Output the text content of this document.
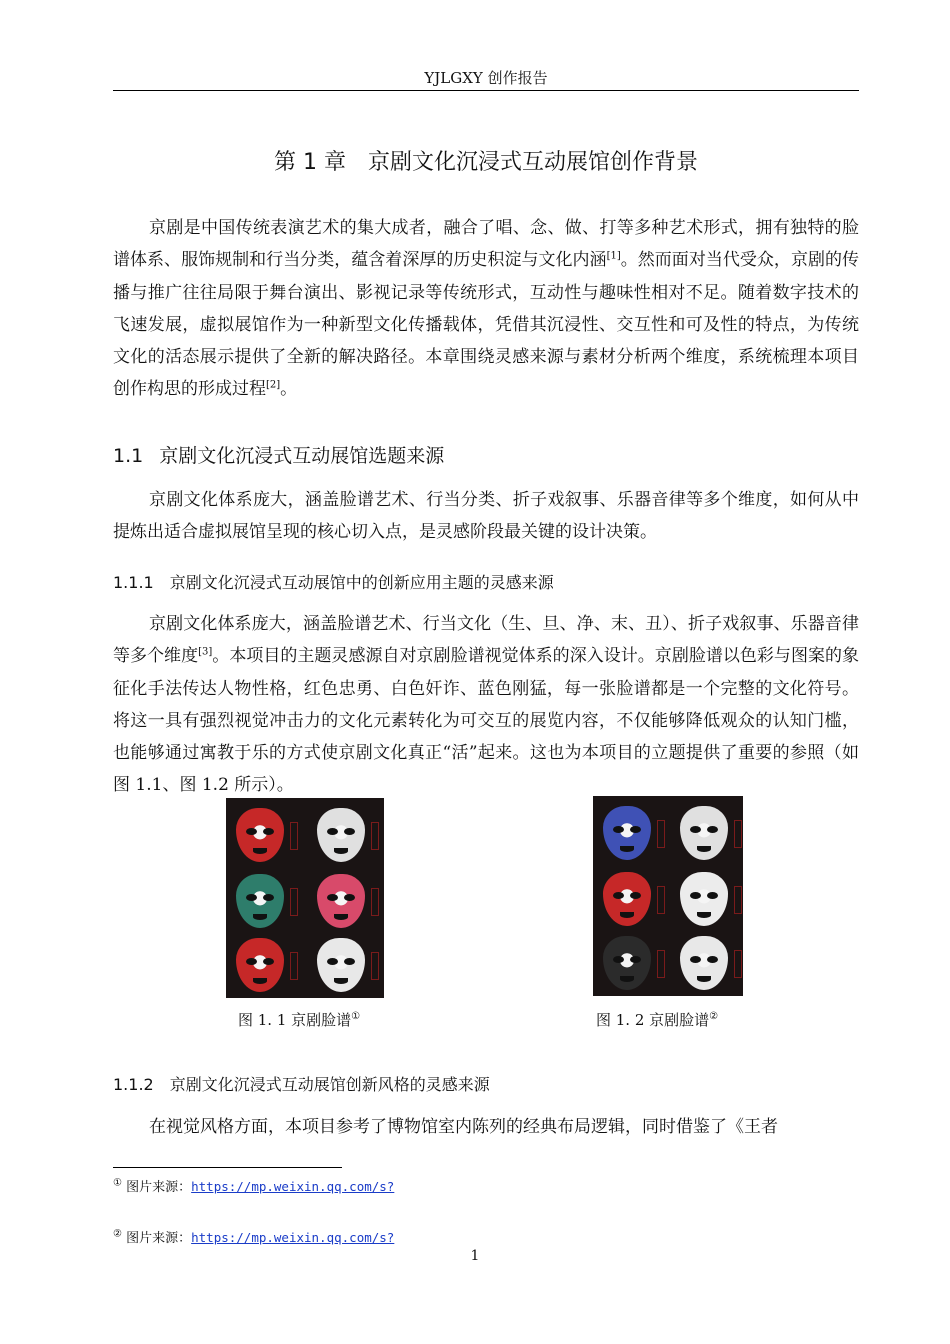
YJLGXY 创作报告
第 1 章　京剧文化沉浸式互动展馆创作背景

京剧是中国传统表演艺术的集大成者，融合了唱、念、做、打等多种艺术形式，拥有独特的脸谱体系、服饰规制和行当分类，蕴含着深厚的历史积淀与文化内涵[1]。然而面对当代受众，京剧的传播与推广往往局限于舞台演出、影视记录等传统形式，互动性与趣味性相对不足。随着数字技术的飞速发展，虚拟展馆作为一种新型文化传播载体，凭借其沉浸性、交互性和可及性的特点，为传统文化的活态展示提供了全新的解决路径。本章围绕灵感来源与素材分析两个维度，系统梳理本项目创作构思的形成过程[2]。

1.1 京剧文化沉浸式互动展馆选题来源

京剧文化体系庞大，涵盖脸谱艺术、行当分类、折子戏叙事、乐器音律等多个维度，如何从中提炼出适合虚拟展馆呈现的核心切入点，是灵感阶段最关键的设计决策。

1.1.1 京剧文化沉浸式互动展馆中的创新应用主题的灵感来源

京剧文化体系庞大，涵盖脸谱艺术、行当文化（生、旦、净、末、丑）、折子戏叙事、乐器音律等多个维度[3]。本项目的主题灵感源自对京剧脸谱视觉体系的深入设计。京剧脸谱以色彩与图案的象征化手法传达人物性格，红色忠勇、白色奸诈、蓝色刚猛，每一张脸谱都是一个完整的文化符号。将这一具有强烈视觉冲击力的文化元素转化为可交互的展览内容，不仅能够降低观众的认知门槛，也能够通过寓教于乐的方式使京剧文化真正“活”起来。这也为本项目的立题提供了重要的参照（如图 1.1、图 1.2 所示）。

图 1. 1 京剧脸谱①	图 1. 2 京剧脸谱②
1.1.2 京剧文化沉浸式互动展馆创新风格的灵感来源

在视觉风格方面，本项目参考了博物馆室内陈列的经典布局逻辑，同时借鉴了《王者

① 图片来源：https://mp.weixin.qq.com/s?
② 图片来源：https://mp.weixin.qq.com/s?
1
